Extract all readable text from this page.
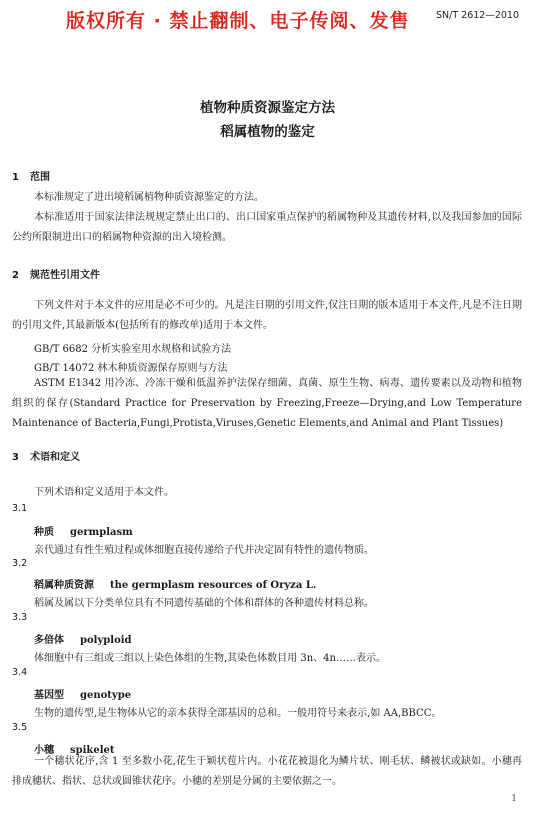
版权所有 · 禁止翻制、电子传阅、发售	SN/T 2612—2010
植物种质资源鉴定方法
稻属植物的鉴定
1 范围
本标准规定了进出境稻属植物种质资源鉴定的方法。
本标准适用于国家法律法规规定禁止出口的、出口国家重点保护的稻属物种及其遗传材料,以及我国参加的国际公约所限制进出口的稻属物种资源的出入境检测。
2 规范性引用文件
下列文件对于本文件的应用是必不可少的。凡是注日期的引用文件,仅注日期的版本适用于本文件,凡是不注日期的引用文件,其最新版本(包括所有的修改单)适用于本文件。
GB/T 6682 分析实验室用水规格和试验方法
GB/T 14072 林木种质资源保存原则与方法
ASTM E1342 用冷冻、冷冻干燥和低温养护法保存细菌、真菌、原生生物、病毒、遗传要素以及动物和植物组织的保存(Standard Practice for Preservation by Freezing,Freeze—Drying,and Low Temperature Maintenance of Bacteria,Fungi,Protista,Viruses,Genetic Elements,and Animal and Plant Tissues)
3 术语和定义
下列术语和定义适用于本文件。
3.1
种质 germplasm
亲代通过有性生殖过程或体细胞直接传递给子代并决定固有特性的遗传物质。
3.2
稻属种质资源 the germplasm resources of Oryza L.
稻属及属以下分类单位具有不同遗传基础的个体和群体的各种遗传材料总称。
3.3
多倍体 polyploid
体细胞中有三组或三组以上染色体组的生物,其染色体数目用 3n、4n……表示。
3.4
基因型 genotype
生物的遗传型,是生物体从它的亲本获得全部基因的总和。一般用符号来表示,如 AA,BBCC。
3.5
小穗 spikelet
一个穗状花序,含 1 至多数小花,花生于颖状苞片内。小花花被退化为鳞片状、刚毛状、鳞被状或缺如。小穗再排成穗状、指状、总状或圆锥状花序。小穗的差别是分属的主要依据之一。
1
